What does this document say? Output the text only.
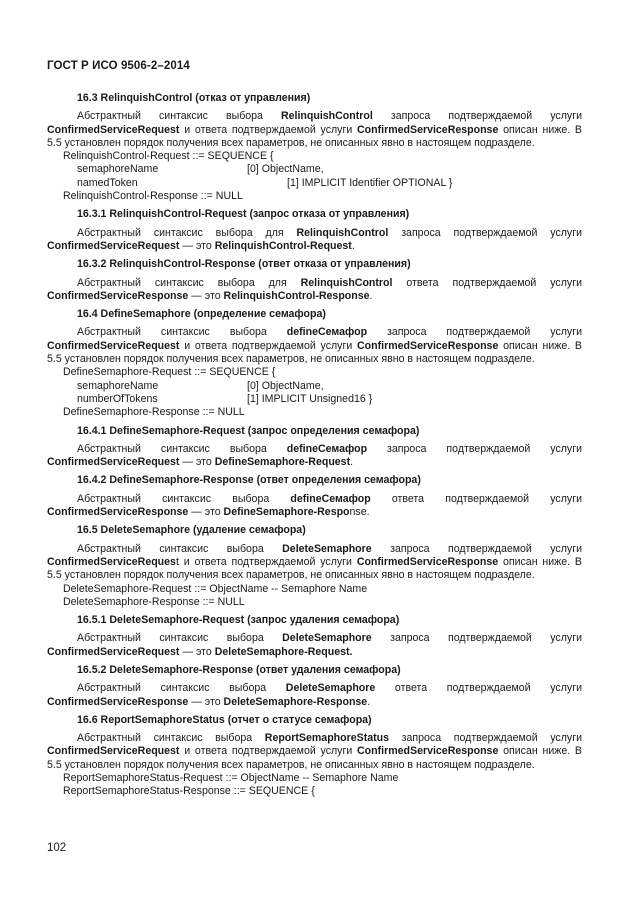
ГОСТ Р ИСО 9506-2–2014
16.3 RelinquishControl (отказ от управления)

Абстрактный синтаксис выбора RelinquishControl запроса подтверждаемой услуги ConfirmedServiceRequest и ответа подтверждаемой услуги ConfirmedServiceResponse описан ниже. В 5.5 установлен порядок получения всех параметров, не описанных явно в настоящем подразделе.

RelinquishControl-Request ::= SEQUENCE {
semaphoreName	[0] ObjectName,
namedToken	[1] IMPLICIT Identifier OPTIONAL }
RelinquishControl-Response ::= NULL
16.3.1 RelinquishControl-Request (запрос отказа от управления)

Абстрактный синтаксис выбора для RelinquishControl запроса подтверждаемой услуги ConfirmedServiceRequest — это RelinquishControl-Request.

16.3.2 RelinquishControl-Response (ответ отказа от управления)

Абстрактный синтаксис выбора для RelinquishControl ответа подтверждаемой услуги ConfirmedServiceResponse — это RelinquishControl-Response.

16.4 DefineSemaphore (определение семафора)

Абстрактный синтаксис выбора defineСемафор запроса подтверждаемой услуги ConfirmedServiceRequest и ответа подтверждаемой услуги ConfirmedServiceResponse описан ниже. В 5.5 установлен порядок получения всех параметров, не описанных явно в настоящем подразделе.

DefineSemaphore-Request ::= SEQUENCE {
semaphoreName	[0] ObjectName,
numberOfTokens	[1] IMPLICIT Unsigned16 }
DefineSemaphore-Response ::= NULL
16.4.1 DefineSemaphore-Request (запрос определения семафора)

Абстрактный синтаксис выбора defineСемафор запроса подтверждаемой услуги ConfirmedServiceRequest — это DefineSemaphore-Request.

16.4.2 DefineSemaphore-Response (ответ определения семафора)

Абстрактный синтаксис выбора defineСемафор ответа подтверждаемой услуги ConfirmedServiceResponse — это DefineSemaphore-Response.

16.5 DeleteSemaphore (удаление семафора)

Абстрактный синтаксис выбора DeleteSemaphore запроса подтверждаемой услуги ConfirmedServiceRequest и ответа подтверждаемой услуги ConfirmedServiceResponse описан ниже. В 5.5 установлен порядок получения всех параметров, не описанных явно в настоящем подразделе.

DeleteSemaphore-Request ::= ObjectName -- Semaphore Name
DeleteSemaphore-Response ::= NULL
16.5.1 DeleteSemaphore-Request (запрос удаления семафора)

Абстрактный синтаксис выбора DeleteSemaphore запроса подтверждаемой услуги ConfirmedServiceRequest — это DeleteSemaphore-Request.

16.5.2 DeleteSemaphore-Response (ответ удаления семафора)

Абстрактный синтаксис выбора DeleteSemaphore ответа подтверждаемой услуги ConfirmedServiceResponse — это DeleteSemaphore-Response.

16.6 ReportSemaphoreStatus (отчет о статусе семафора)

Абстрактный синтаксис выбора ReportSemaphoreStatus запроса подтверждаемой услуги ConfirmedServiceRequest и ответа подтверждаемой услуги ConfirmedServiceResponse описан ниже. В 5.5 установлен порядок получения всех параметров, не описанных явно в настоящем подразделе.

ReportSemaphoreStatus-Request ::= ObjectName -- Semaphore Name
ReportSemaphoreStatus-Response ::= SEQUENCE {
102
